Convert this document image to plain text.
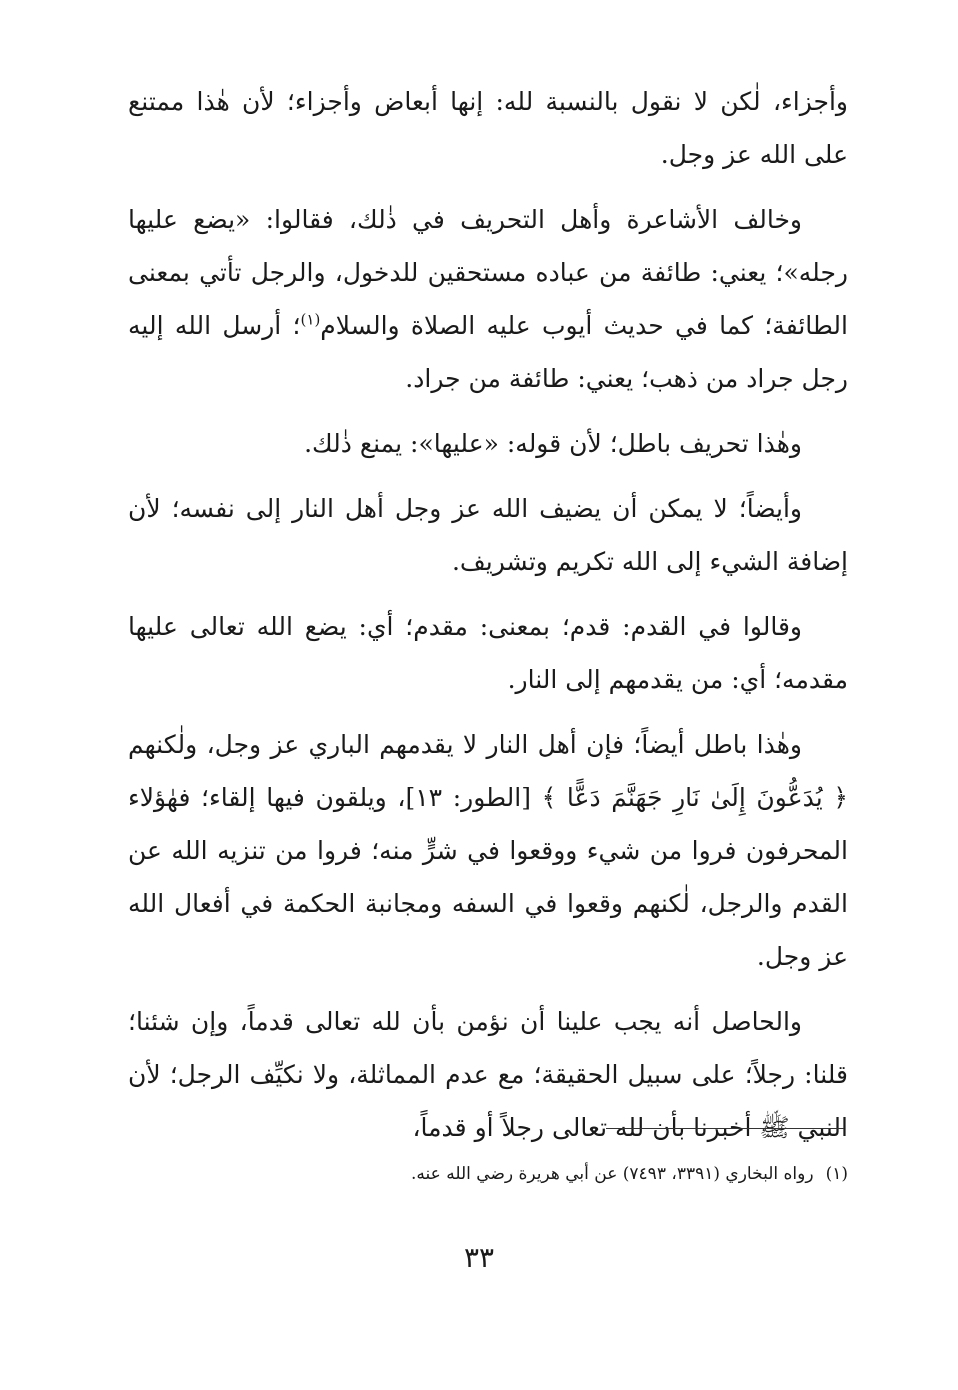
وأجزاء، لٰكن لا نقول بالنسبة لله: إنها أبعاض وأجزاء؛ لأن هٰذا ممتنع على الله عز وجل.

وخالف الأشاعرة وأهل التحريف في ذٰلك، فقالوا: «يضع عليها رجله»؛ يعني: طائفة من عباده مستحقين للدخول، والرجل تأتي بمعنى الطائفة؛ كما في حديث أيوب عليه الصلاة والسلام$^{(١)}$؛ أرسل الله إليه رجل جراد من ذهب؛ يعني: طائفة من جراد.

وهٰذا تحريف باطل؛ لأن قوله: «عليها»: يمنع ذٰلك.

وأيضاً؛ لا يمكن أن يضيف الله عز وجل أهل النار إلى نفسه؛ لأن إضافة الشيء إلى الله تكريم وتشريف.

وقالوا في القدم: قدم؛ بمعنى: مقدم؛ أي: يضع الله تعالى عليها مقدمه؛ أي: من يقدمهم إلى النار.

وهٰذا باطل أيضاً؛ فإن أهل النار لا يقدمهم الباري عز وجل، ولٰكنهم ﴿ يُدَعُّونَ إِلَىٰ نَارِ جَهَنَّمَ دَعًّا ﴾ [الطور: ١٣]، ويلقون فيها إلقاء؛ فهٰؤلاء المحرفون فروا من شيء ووقعوا في شرٍّ منه؛ فروا من تنزيه الله عن القدم والرجل، لٰكنهم وقعوا في السفه ومجانبة الحكمة في أفعال الله عز وجل.

والحاصل أنه يجب علينا أن نؤمن بأن لله تعالى قدماً، وإن شئنا؛ قلنا: رجلاً؛ على سبيل الحقيقة؛ مع عدم المماثلة، ولا نكيِّف الرجل؛ لأن النبي ﷺ أخبرنا بأن لله تعالى رجلاً أو قدماً،

(١)رواه البخاري (٣٣٩١، ٧٤٩٣) عن أبي هريرة رضي الله عنه.
٣٣
